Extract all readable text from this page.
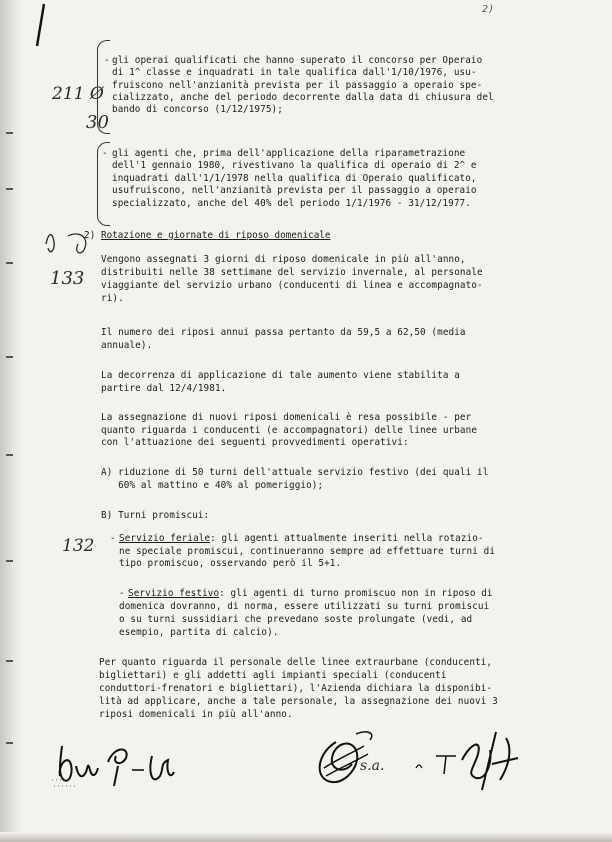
2)
211 Ø
30
133
132
- gli operai qualificati che hanno superato il concorso per Operaio
di 1^ classe e inquadrati in tale qualifica dall'1/10/1976, usu-
fruiscono nell'anzianità prevista per il passaggio a operaio spe-
cializzato, anche del periodo decorrente dalla data di chiusura del
bando di concorso (1/12/1975);
- gli agenti che, prima dell'applicazione della riparametrazione
dell'1 gennaio 1980, rivestivano la qualifica di operaio di 2^ e
inquadrati dall'1/1/1978 nella qualifica di Operaio qualificato,
usufruiscono, nell'anzianità prevista per il passaggio a operaio
specializzato, anche del 40% del periodo 1/1/1976 - 31/12/1977.
2) Rotazione e giornate di riposo domenicale
Vengono assegnati 3 giorni di riposo domenicale in più all'anno,
distribuiti nelle 38 settimane del servizio invernale, al personale
viaggiante del servizio urbano (conducenti di linea e accompagnato-
ri).
Il numero dei riposi annui passa pertanto da 59,5 a 62,50 (media
annuale).
La decorrenza di applicazione di tale aumento viene stabilita a
partire dal 12/4/1981.
La assegnazione di nuovi riposi domenicali è resa possibile - per
quanto riguarda i conducenti (e accompagnatori) delle linee urbane
con l'attuazione dei seguenti provvedimenti operativi:
A) riduzione di 50 turni dell'attuale servizio festivo (dei quali il
60% al mattino e 40% al pomeriggio);
B) Turni promiscui:
- Servizio feriale: gli agenti attualmente inseriti nella rotazio-
ne speciale promiscui, continueranno sempre ad effettuare turni di
tipo promiscuo, osservando però il 5+1.
- Servizio festivo: gli agenti di turno promiscuo non in riposo di
domenica dovranno, di norma, essere utilizzati su turni promiscui
o su turni sussidiari che prevedano soste prolungate (vedi, ad
esempio, partita di calcio).
Per quanto riguarda il personale delle linee extraurbane (conducenti,
bigliettari) e gli addetti agli impianti speciali (conducenti
conduttori-frenatori e bigliettari), l'Azienda dichiara la disponibi-
lità ad applicare, anche a tale personale, la assegnazione dei nuovi 3
riposi domenicali in più all'anno.
s.a.
